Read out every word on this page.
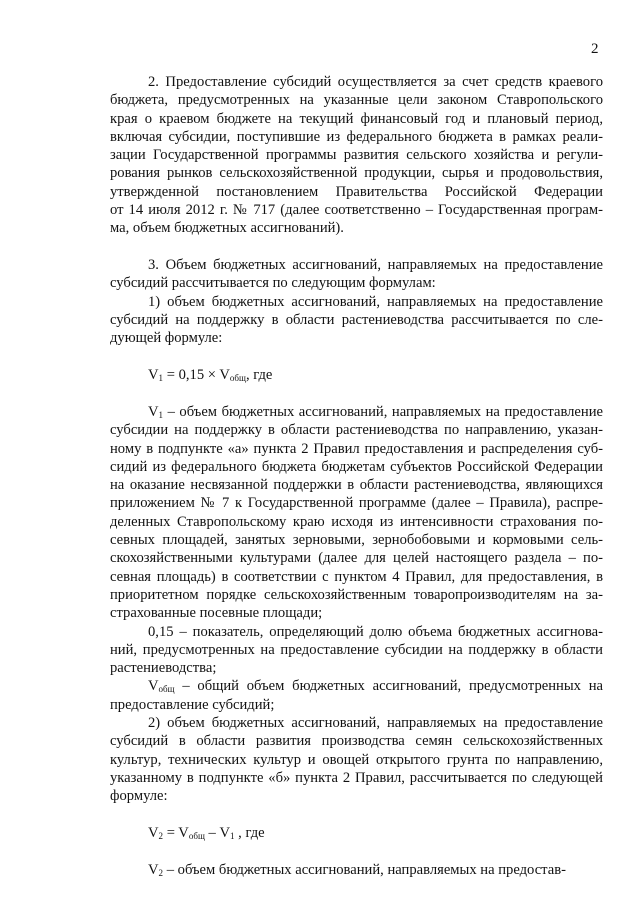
2
2. Предоставление субсидий осуществляется за счет средств краевого
бюджета, предусмотренных на указанные цели законом Ставропольского
края о краевом бюджете на текущий финансовый год и плановый период,
включая субсидии, поступившие из федерального бюджета в рамках реали-
зации Государственной программы развития сельского хозяйства и регули-
рования рынков сельскохозяйственной продукции, сырья и продовольствия,
утвержденной постановлением Правительства Российской Федерации
от 14 июля 2012 г. № 717 (далее соответственно – Государственная програм-
ма, объем бюджетных ассигнований).
3. Объем бюджетных ассигнований, направляемых на предоставление
субсидий рассчитывается по следующим формулам:
1) объем бюджетных ассигнований, направляемых на предоставление
субсидий на поддержку в области растениеводства рассчитывается по сле-
дующей формуле:
$V_1 = 0,15 \times V_{общ}$, где
$V_1$ – объем бюджетных ассигнований, направляемых на предоставление
субсидии на поддержку в области растениеводства по направлению, указан-
ному в подпункте «а» пункта 2 Правил предоставления и распределения суб-
сидий из федерального бюджета бюджетам субъектов Российской Федерации
на оказание несвязанной поддержки в области растениеводства, являющихся
приложением № 7 к Государственной программе (далее – Правила), распре-
деленных Ставропольскому краю исходя из интенсивности страхования по-
севных площадей, занятых зерновыми, зернобобовыми и кормовыми сель-
скохозяйственными культурами (далее для целей настоящего раздела – по-
севная площадь) в соответствии с пунктом 4 Правил, для предоставления, в
приоритетном порядке сельскохозяйственным товаропроизводителям на за-
страхованные посевные площади;
0,15 – показатель, определяющий долю объема бюджетных ассигнова-
ний, предусмотренных на предоставление субсидии на поддержку в области
растениеводства;
$V_{общ}$ – общий объем бюджетных ассигнований, предусмотренных на
предоставление субсидий;
2) объем бюджетных ассигнований, направляемых на предоставление
субсидий в области развития производства семян сельскохозяйственных
культур, технических культур и овощей открытого грунта по направлению,
указанному в подпункте «б» пункта 2 Правил, рассчитывается по следующей
формуле:
$V_2 = V_{общ} - V_1$ , где
$V_2$ – объем бюджетных ассигнований, направляемых на предостав-
